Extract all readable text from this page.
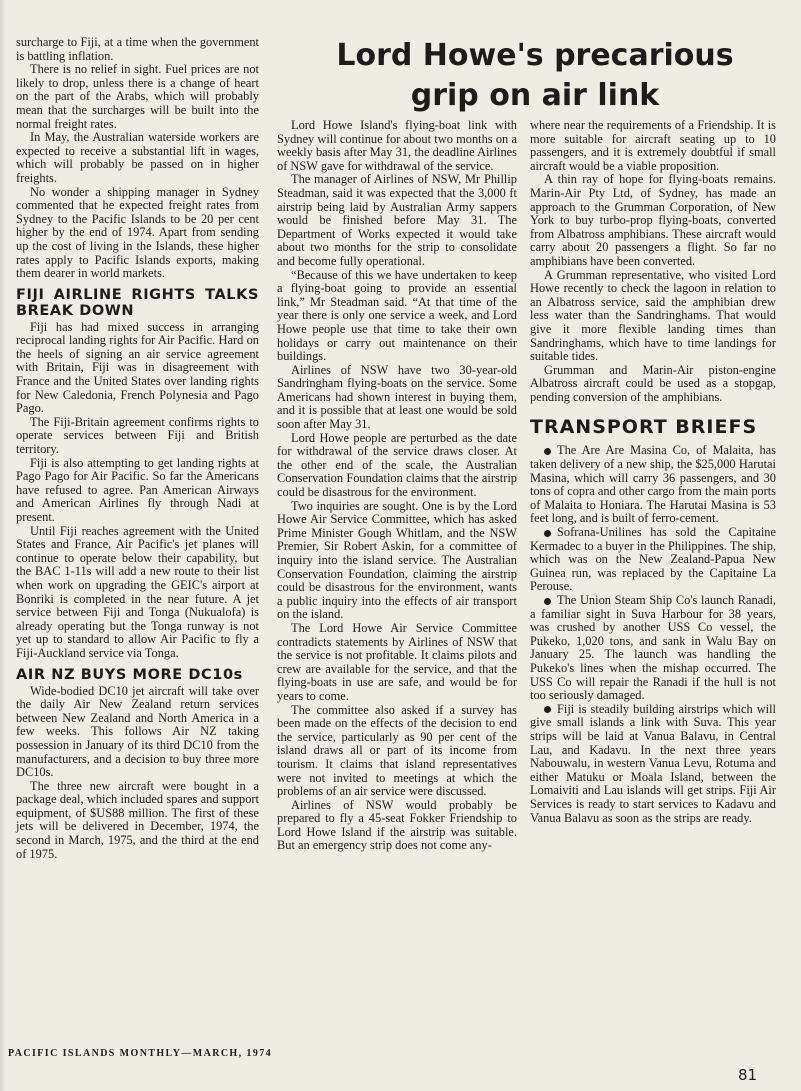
surcharge to Fiji, at a time when the government is battling inflation.

There is no relief in sight. Fuel prices are not likely to drop, unless there is a change of heart on the part of the Arabs, which will probably mean that the surcharges will be built into the normal freight rates.

In May, the Australian waterside workers are expected to receive a substantial lift in wages, which will probably be passed on in higher freights.

No wonder a shipping manager in Sydney commented that he expected freight rates from Sydney to the Pacific Islands to be 20 per cent higher by the end of 1974. Apart from sending up the cost of living in the Islands, these higher rates apply to Pacific Islands exports, making them dearer in world markets.

FIJI AIRLINE RIGHTS TALKS BREAK DOWN

Fiji has had mixed success in arranging reciprocal landing rights for Air Pacific. Hard on the heels of signing an air service agreement with Britain, Fiji was in disagreement with France and the United States over landing rights for New Caledonia, French Polynesia and Pago Pago.

The Fiji-Britain agreement confirms rights to operate services between Fiji and British territory.

Fiji is also attempting to get landing rights at Pago Pago for Air Pacific. So far the Americans have refused to agree. Pan American Airways and American Airlines fly through Nadi at present.

Until Fiji reaches agreement with the United States and France, Air Pacific's jet planes will continue to operate below their capability, but the BAC 1-11s will add a new route to their list when work on upgrading the GEIC's airport at Bonriki is completed in the near future. A jet service between Fiji and Tonga (Nukualofa) is already operating but the Tonga runway is not yet up to standard to allow Air Pacific to fly a Fiji-Auckland service via Tonga.

AIR NZ BUYS MORE DC10s

Wide-bodied DC10 jet aircraft will take over the daily Air New Zealand return services between New Zealand and North America in a few weeks. This follows Air NZ taking possession in January of its third DC10 from the manufacturers, and a decision to buy three more DC10s.

The three new aircraft were bought in a package deal, which included spares and support equipment, of $US88 million. The first of these jets will be delivered in December, 1974, the second in March, 1975, and the third at the end of 1975.

Lord Howe's precarious grip on air link

Lord Howe Island's flying-boat link with Sydney will continue for about two months on a weekly basis after May 31, the deadline Airlines of NSW gave for withdrawal of the service.

The manager of Airlines of NSW, Mr Phillip Steadman, said it was expected that the 3,000 ft airstrip being laid by Australian Army sappers would be finished before May 31. The Department of Works expected it would take about two months for the strip to consolidate and become fully operational.

“Because of this we have undertaken to keep a flying-boat going to provide an essential link,” Mr Steadman said. “At that time of the year there is only one service a week, and Lord Howe people use that time to take their own holidays or carry out maintenance on their buildings.

Airlines of NSW have two 30-year-old Sandringham flying-boats on the service. Some Americans had shown interest in buying them, and it is possible that at least one would be sold soon after May 31.

Lord Howe people are perturbed as the date for withdrawal of the service draws closer. At the other end of the scale, the Australian Conservation Foundation claims that the airstrip could be disastrous for the environment.

Two inquiries are sought. One is by the Lord Howe Air Service Committee, which has asked Prime Minister Gough Whitlam, and the NSW Premier, Sir Robert Askin, for a committee of inquiry into the island service. The Australian Conservation Foundation, claiming the airstrip could be disastrous for the environment, wants a public inquiry into the effects of air transport on the island.

The Lord Howe Air Service Committee contradicts statements by Airlines of NSW that the service is not profitable. It claims pilots and crew are available for the service, and that the flying-boats in use are safe, and would be for years to come.

The committee also asked if a survey has been made on the effects of the decision to end the service, particularly as 90 per cent of the island draws all or part of its income from tourism. It claims that island representatives were not invited to meetings at which the problems of an air service were discussed.

Airlines of NSW would probably be prepared to fly a 45-seat Fokker Friendship to Lord Howe Island if the airstrip was suitable. But an emergency strip does not come any-

where near the requirements of a Friendship. It is more suitable for aircraft seating up to 10 passengers, and it is extremely doubtful if small aircraft would be a viable proposition.

A thin ray of hope for flying-boats remains. Marin-Air Pty Ltd, of Sydney, has made an approach to the Grumman Corporation, of New York to buy turbo-prop flying-boats, converted from Albatross amphibians. These aircraft would carry about 20 passengers a flight. So far no amphibians have been converted.

A Grumman representative, who visited Lord Howe recently to check the lagoon in relation to an Albatross service, said the amphibian drew less water than the Sandringhams. That would give it more flexible landing times than Sandringhams, which have to time landings for suitable tides.

Grumman and Marin-Air piston-engine Albatross aircraft could be used as a stopgap, pending conversion of the amphibians.

TRANSPORT BRIEFS

The Are Are Masina Co, of Malaita, has taken delivery of a new ship, the $25,000 Harutai Masina, which will carry 36 passengers, and 30 tons of copra and other cargo from the main ports of Malaita to Honiara. The Harutai Masina is 53 feet long, and is built of ferro-cement.

Sofrana-Unilines has sold the Capitaine Kermadec to a buyer in the Philippines. The ship, which was on the New Zealand-Papua New Guinea run, was replaced by the Capitaine La Perouse.

The Union Steam Ship Co's launch Ranadi, a familiar sight in Suva Harbour for 38 years, was crushed by another USS Co vessel, the Pukeko, 1,020 tons, and sank in Walu Bay on January 25. The launch was handling the Pukeko's lines when the mishap occurred. The USS Co will repair the Ranadi if the hull is not too seriously damaged.

Fiji is steadily building airstrips which will give small islands a link with Suva. This year strips will be laid at Vanua Balavu, in Central Lau, and Kadavu. In the next three years Nabouwalu, in western Vanua Levu, Rotuma and either Matuku or Moala Island, between the Lomaiviti and Lau islands will get strips. Fiji Air Services is ready to start services to Kadavu and Vanua Balavu as soon as the strips are ready.

PACIFIC ISLANDS MONTHLY—MARCH, 1974
81
